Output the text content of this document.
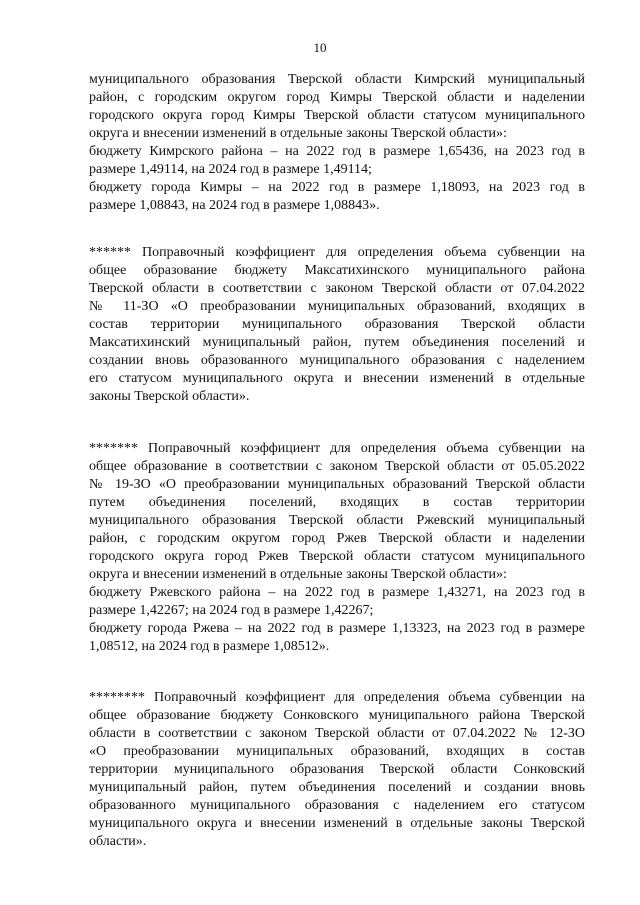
10
муниципального образования Тверской области Кимрский муниципальный
район, с городским округом город Кимры Тверской области и наделении
городского округа город Кимры Тверской области статусом муниципального
округа и внесении изменений в отдельные законы Тверской области»:
бюджету Кимрского района – на 2022 год в размере 1,65436, на 2023 год в
размере 1,49114, на 2024 год в размере 1,49114;
бюджету города Кимры – на 2022 год в размере 1,18093, на 2023 год в
размере 1,08843, на 2024 год в размере 1,08843».
****** Поправочный коэффициент для определения объема субвенции на
общее образование бюджету Максатихинского муниципального района
Тверской области в соответствии с законом Тверской области от 07.04.2022
№ 11-ЗО «О преобразовании муниципальных образований, входящих в
состав территории муниципального образования Тверской области
Максатихинский муниципальный район, путем объединения поселений и
создании вновь образованного муниципального образования с наделением
его статусом муниципального округа и внесении изменений в отдельные
законы Тверской области».
******* Поправочный коэффициент для определения объема субвенции на
общее образование в соответствии с законом Тверской области от 05.05.2022
№ 19-ЗО «О преобразовании муниципальных образований Тверской области
путем объединения поселений, входящих в состав территории
муниципального образования Тверской области Ржевский муниципальный
район, с городским округом город Ржев Тверской области и наделении
городского округа город Ржев Тверской области статусом муниципального
округа и внесении изменений в отдельные законы Тверской области»:
бюджету Ржевского района – на 2022 год в размере 1,43271, на 2023 год в
размере 1,42267; на 2024 год в размере 1,42267;
бюджету города Ржева – на 2022 год в размере 1,13323, на 2023 год в размере
1,08512, на 2024 год в размере 1,08512».
******** Поправочный коэффициент для определения объема субвенции на
общее образование бюджету Сонковского муниципального района Тверской
области в соответствии с законом Тверской области от 07.04.2022 № 12-ЗО
«О преобразовании муниципальных образований, входящих в состав
территории муниципального образования Тверской области Сонковский
муниципальный район, путем объединения поселений и создании вновь
образованного муниципального образования с наделением его статусом
муниципального округа и внесении изменений в отдельные законы Тверской
области».
